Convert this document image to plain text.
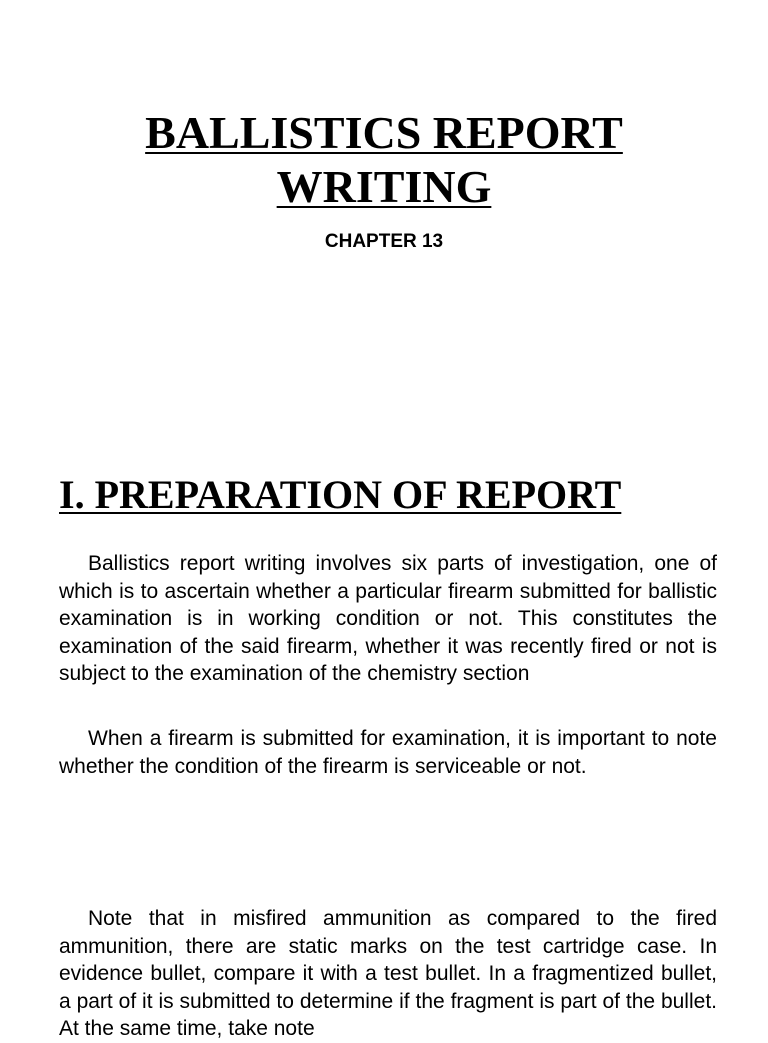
BALLISTICS REPORT
WRITING
CHAPTER 13
I. PREPARATION OF REPORT

Ballistics report writing involves six parts of investigation, one of which is to ascertain whether a particular firearm submitted for ballistic examination is in working condition or not. This constitutes the examination of the said firearm, whether it was recently fired or not is subject to the examination of the chemistry section

When a firearm is submitted for examination, it is important to note whether the condition of the firearm is serviceable or not.

Note that in misfired ammunition as compared to the fired ammunition, there are static marks on the test cartridge case. In evidence bullet, compare it with a test bullet. In a fragmentized bullet, a part of it is submitted to determine if the fragment is part of the bullet. At the same time, take note
